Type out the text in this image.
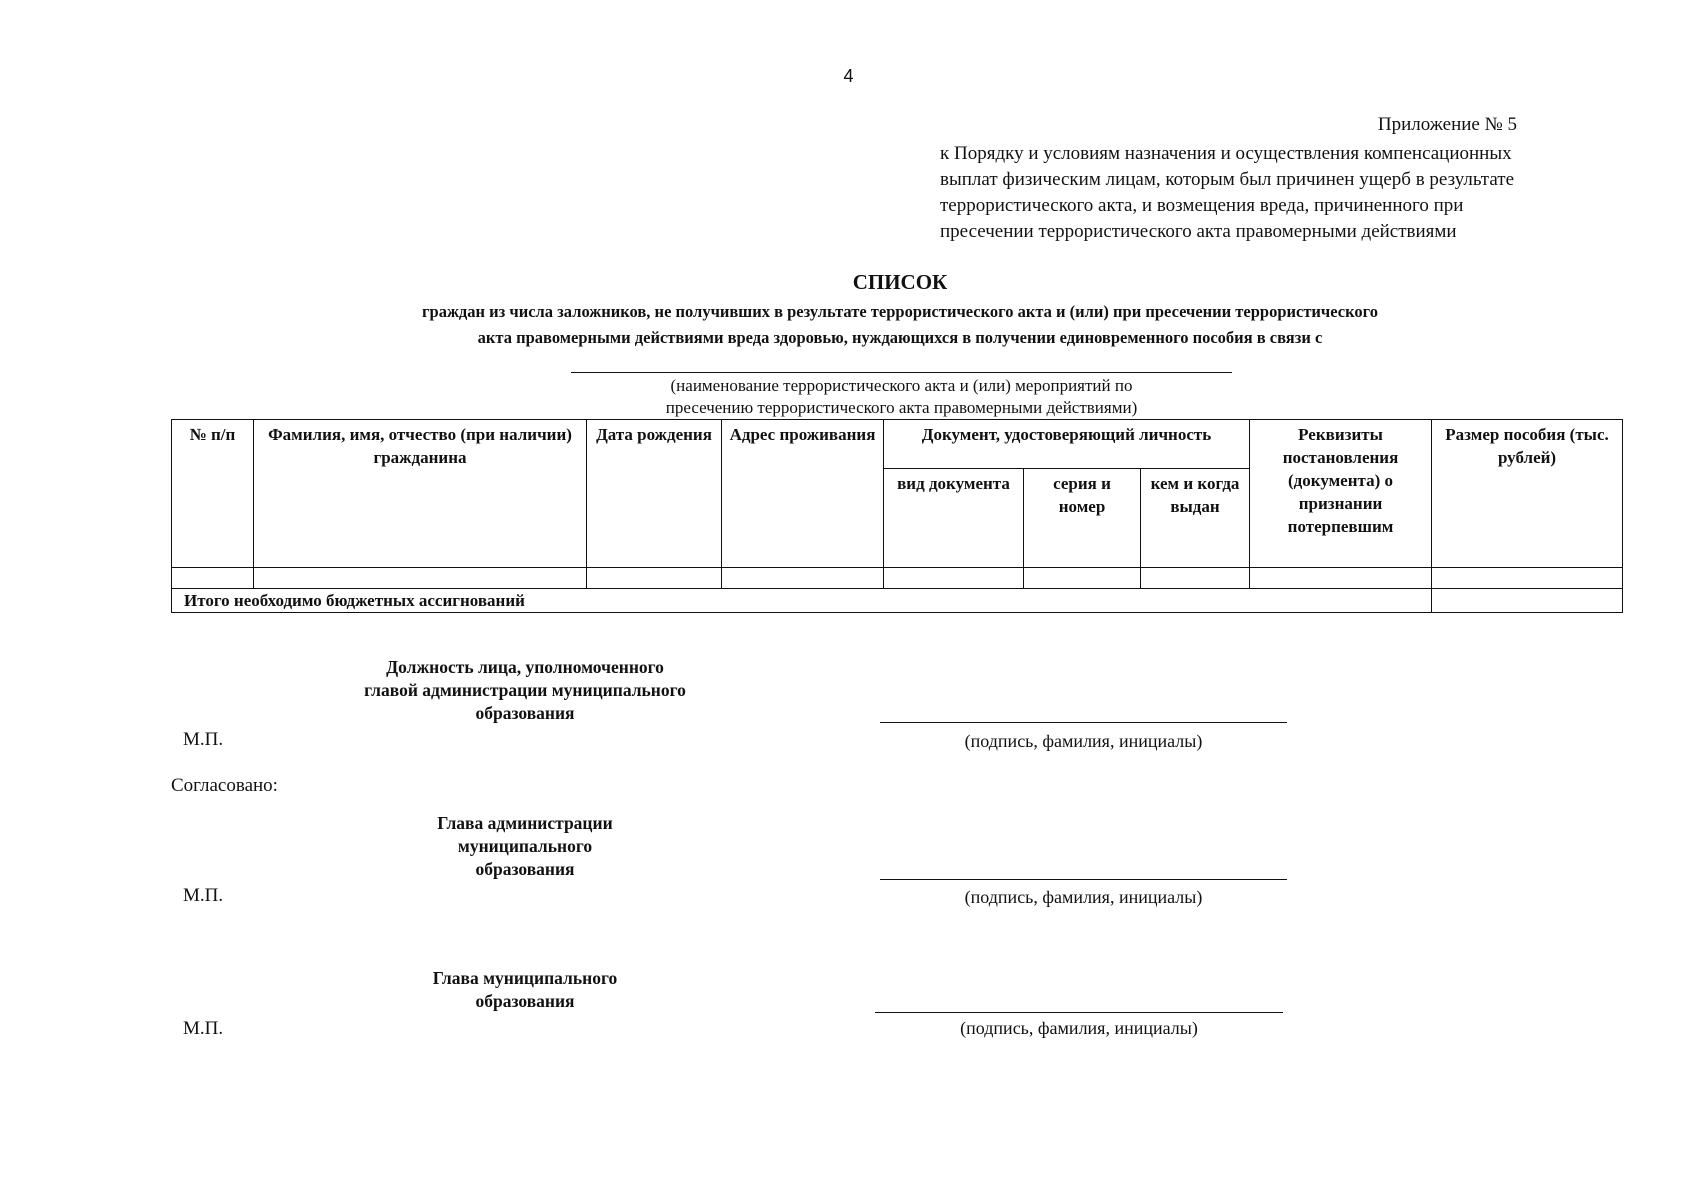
4
Приложение № 5
к Порядку и условиям назначения и осуществления компенсационных
выплат физическим лицам, которым был причинен ущерб в результате
террористического акта, и возмещения вреда, причиненного при
пресечении террористического акта правомерными действиями
СПИСОК
граждан из числа заложников, не получивших в результате террористического акта и (или) при пресечении террористического
акта правомерными действиями вреда здоровью, нуждающихся в получении единовременного пособия в связи с
(наименование террористического акта и (или) мероприятий по
пресечению террористического акта правомерными действиями)
№ п/п	Фамилия, имя, отчество (при наличии) гражданина	Дата рождения	Адрес проживания	Документ, удостоверяющий личность			Реквизиты постановления (документа) о признании потерпевшим	Размер пособия (тыс. рублей)
				вид документа	серия и номер	кем и когда выдан		

Итого необходимо бюджетных ассигнований								
Должность лица, уполномоченного
главой администрации муниципального
образования
М.П.	(подпись, фамилия, инициалы)
Согласовано:
Глава администрации
муниципального
образования
М.П.	(подпись, фамилия, инициалы)
Глава муниципального
образования
М.П.	(подпись, фамилия, инициалы)
